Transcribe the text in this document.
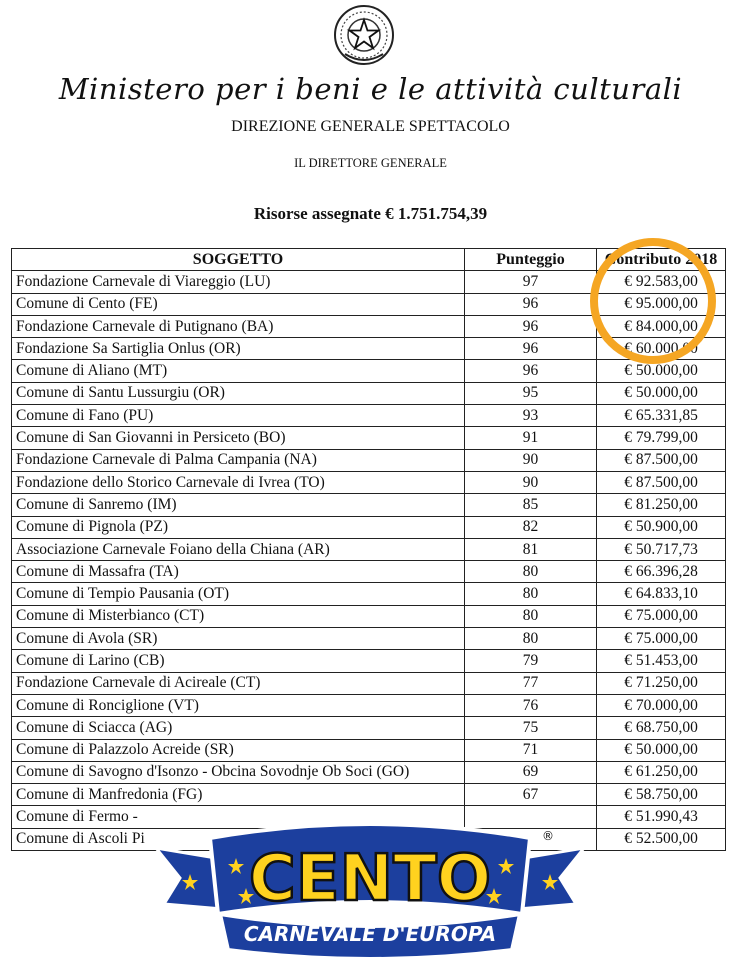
Ministero per i beni e le attività culturali
DIREZIONE GENERALE SPETTACOLO
IL DIRETTORE GENERALE
Risorse assegnate € 1.751.754,39
SOGGETTO	Punteggio	Contributo 2018
Fondazione Carnevale di Viareggio (LU)	97	€ 92.583,00
Comune di Cento (FE)	96	€ 95.000,00
Fondazione Carnevale di Putignano (BA)	96	€ 84.000,00
Fondazione Sa Sartiglia Onlus (OR)	96	€ 60.000,00
Comune di Aliano (MT)	96	€ 50.000,00
Comune di Santu Lussurgiu (OR)	95	€ 50.000,00
Comune di Fano (PU)	93	€ 65.331,85
Comune di San Giovanni in Persiceto (BO)	91	€ 79.799,00
Fondazione Carnevale di Palma Campania (NA)	90	€ 87.500,00
Fondazione dello Storico Carnevale di Ivrea (TO)	90	€ 87.500,00
Comune di Sanremo (IM)	85	€ 81.250,00
Comune di Pignola (PZ)	82	€ 50.900,00
Associazione Carnevale Foiano della Chiana (AR)	81	€ 50.717,73
Comune di Massafra (TA)	80	€ 66.396,28
Comune di Tempio Pausania (OT)	80	€ 64.833,10
Comune di Misterbianco (CT)	80	€ 75.000,00
Comune di Avola (SR)	80	€ 75.000,00
Comune di Larino (CB)	79	€ 51.453,00
Fondazione Carnevale di Acireale (CT)	77	€ 71.250,00
Comune di Ronciglione (VT)	76	€ 70.000,00
Comune di Sciacca (AG)	75	€ 68.750,00
Comune di Palazzolo Acreide (SR)	71	€ 50.000,00
Comune di Savogno d'Isonzo - Obcina Sovodnje Ob Soci (GO)	69	€ 61.250,00
Comune di Manfredonia (FG)	67	€ 58.750,00
Comune di Fermo -		€ 51.990,43
Comune di Ascoli Pi		€ 52.500,00
CENTO
CARNEVALE D'EUROPA
®
